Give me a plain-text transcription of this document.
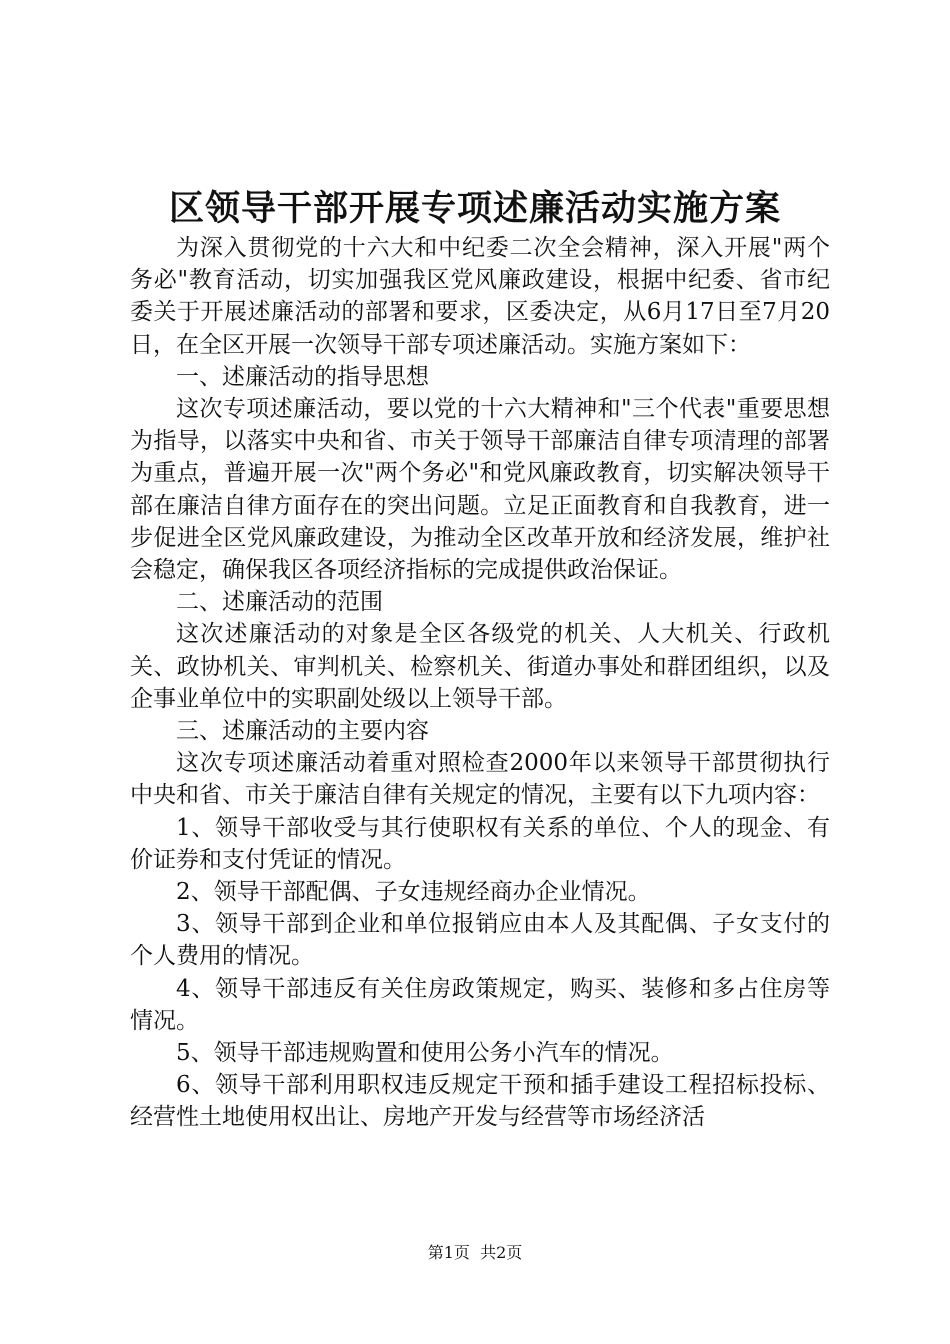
区领导干部开展专项述廉活动实施方案

为深入贯彻党的十六大和中纪委二次全会精神，深入开展"两个务必"教育活动，切实加强我区党风廉政建设，根据中纪委、省市纪委关于开展述廉活动的部署和要求，区委决定，从6月17日至7月20日，在全区开展一次领导干部专项述廉活动。实施方案如下：

一、述廉活动的指导思想

这次专项述廉活动，要以党的十六大精神和"三个代表"重要思想为指导，以落实中央和省、市关于领导干部廉洁自律专项清理的部署为重点，普遍开展一次"两个务必"和党风廉政教育，切实解决领导干部在廉洁自律方面存在的突出问题。立足正面教育和自我教育，进一步促进全区党风廉政建设，为推动全区改革开放和经济发展，维护社会稳定，确保我区各项经济指标的完成提供政治保证。

二、述廉活动的范围

这次述廉活动的对象是全区各级党的机关、人大机关、行政机关、政协机关、审判机关、检察机关、街道办事处和群团组织，以及企事业单位中的实职副处级以上领导干部。

三、述廉活动的主要内容

这次专项述廉活动着重对照检查2000年以来领导干部贯彻执行中央和省、市关于廉洁自律有关规定的情况，主要有以下九项内容：

1、领导干部收受与其行使职权有关系的单位、个人的现金、有价证券和支付凭证的情况。

2、领导干部配偶、子女违规经商办企业情况。

3、领导干部到企业和单位报销应由本人及其配偶、子女支付的个人费用的情况。

4、领导干部违反有关住房政策规定，购买、装修和多占住房等情况。

5、领导干部违规购置和使用公务小汽车的情况。

6、领导干部利用职权违反规定干预和插手建设工程招标投标、经营性土地使用权出让、房地产开发与经营等市场经济活

第1页 共2页
